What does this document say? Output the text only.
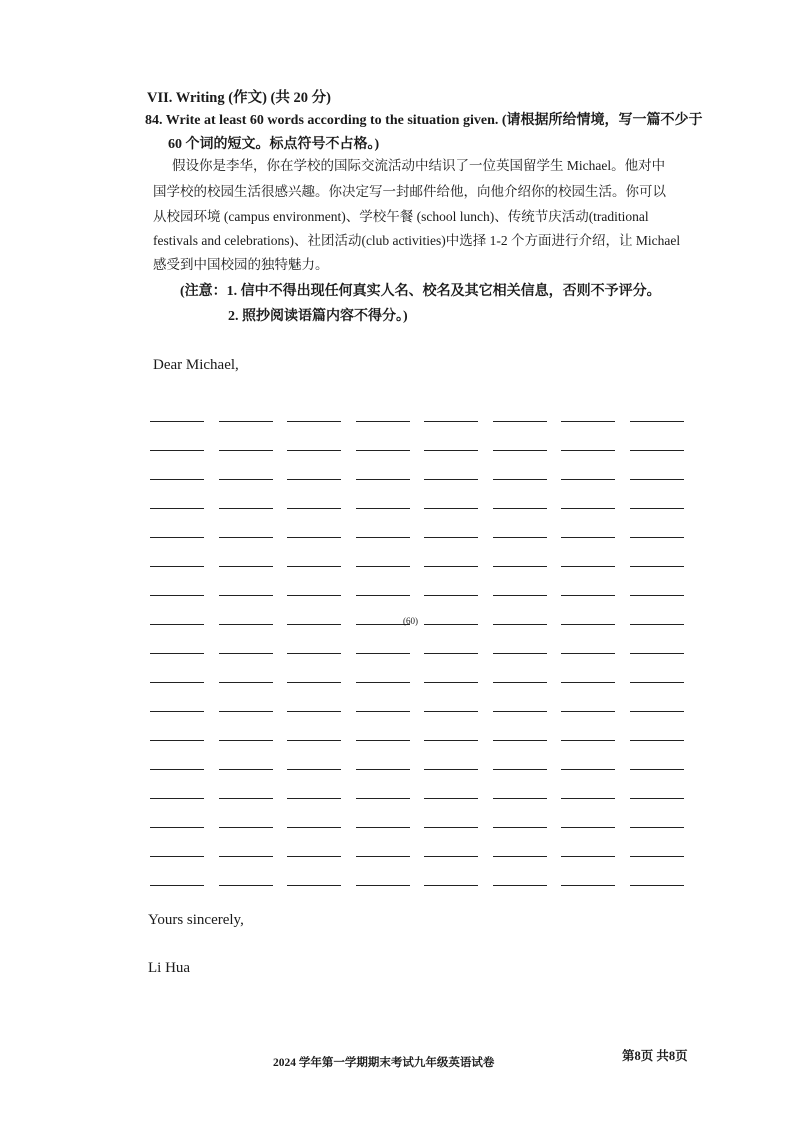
VII. Writing (作文) (共 20 分)
84. Write at least 60 words according to the situation given. (请根据所给情境，写一篇不少于
60 个词的短文。标点符号不占格。)
假设你是李华，你在学校的国际交流活动中结识了一位英国留学生 Michael。他对中
国学校的校园生活很感兴趣。你决定写一封邮件给他，向他介绍你的校园生活。你可以
从校园环境 (campus environment)、学校午餐 (school lunch)、传统节庆活动(traditional
festivals and celebrations)、社团活动(club activities)中选择 1-2 个方面进行介绍，让 Michael
感受到中国校园的独特魅力。
(注意：1. 信中不得出现任何真实人名、校名及其它相关信息，否则不予评分。
2. 照抄阅读语篇内容不得分。)
Dear Michael,
(60)
Yours sincerely,
Li Hua
2024 学年第一学期期末考试九年级英语试卷	第8页 共8页
